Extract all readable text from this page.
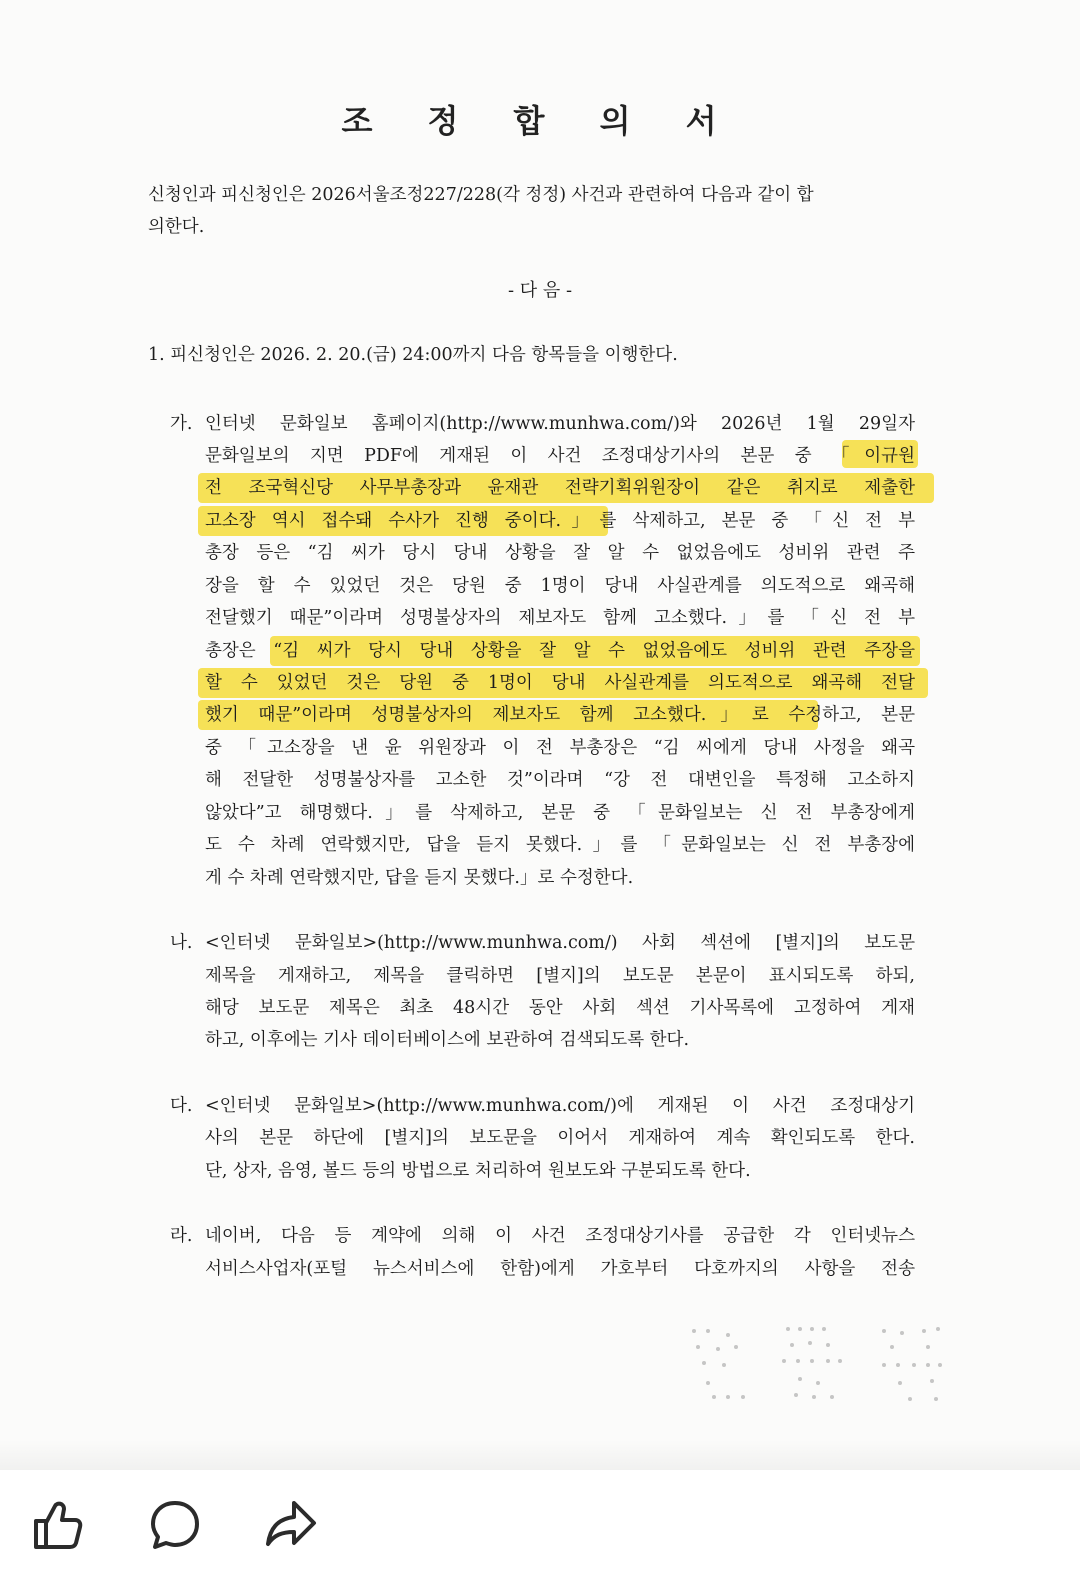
조 정 합 의 서
신청인과 피신청인은 2026서울조정227/228(각 정정) 사건과 관련하여 다음과 같이 합
의한다.
- 다 음 -
1. 피신청인은 2026. 2. 20.(금) 24:00까지 다음 항목들을 이행한다.
가. 인터넷 문화일보 홈페이지(http://www.munhwa.com/)와 2026년 1월 29일자
문화일보의 지면 PDF에 게재된 이 사건 조정대상기사의 본문 중 「이규원
전 조국혁신당 사무부총장과 윤재관 전략기획위원장이 같은 취지로 제출한
고소장 역시 접수돼 수사가 진행 중이다.」를 삭제하고, 본문 중 「신 전 부
총장 등은 “김 씨가 당시 당내 상황을 잘 알 수 없었음에도 성비위 관련 주
장을 할 수 있었던 것은 당원 중 1명이 당내 사실관계를 의도적으로 왜곡해
전달했기 때문”이라며 성명불상자의 제보자도 함께 고소했다.」를 「신 전 부
총장은 “김 씨가 당시 당내 상황을 잘 알 수 없었음에도 성비위 관련 주장을
할 수 있었던 것은 당원 중 1명이 당내 사실관계를 의도적으로 왜곡해 전달
했기 때문”이라며 성명불상자의 제보자도 함께 고소했다.」로 수정하고, 본문
중 「고소장을 낸 윤 위원장과 이 전 부총장은 “김 씨에게 당내 사정을 왜곡
해 전달한 성명불상자를 고소한 것”이라며 “강 전 대변인을 특정해 고소하지
않았다”고 해명했다.」를 삭제하고, 본문 중 「문화일보는 신 전 부총장에게
도 수 차례 연락했지만, 답을 듣지 못했다.」를 「문화일보는 신 전 부총장에
게 수 차례 연락했지만, 답을 듣지 못했다.」로 수정한다.
나. <인터넷 문화일보>(http://www.munhwa.com/) 사회 섹션에 [별지]의 보도문
제목을 게재하고, 제목을 클릭하면 [별지]의 보도문 본문이 표시되도록 하되,
해당 보도문 제목은 최초 48시간 동안 사회 섹션 기사목록에 고정하여 게재
하고, 이후에는 기사 데이터베이스에 보관하여 검색되도록 한다.
다. <인터넷 문화일보>(http://www.munhwa.com/)에 게재된 이 사건 조정대상기
사의 본문 하단에 [별지]의 보도문을 이어서 게재하여 계속 확인되도록 한다.
단, 상자, 음영, 볼드 등의 방법으로 처리하여 원보도와 구분되도록 한다.
라. 네이버, 다음 등 계약에 의해 이 사건 조정대상기사를 공급한 각 인터넷뉴스
서비스사업자(포털 뉴스서비스에 한함)에게 가호부터 다호까지의 사항을 전송
